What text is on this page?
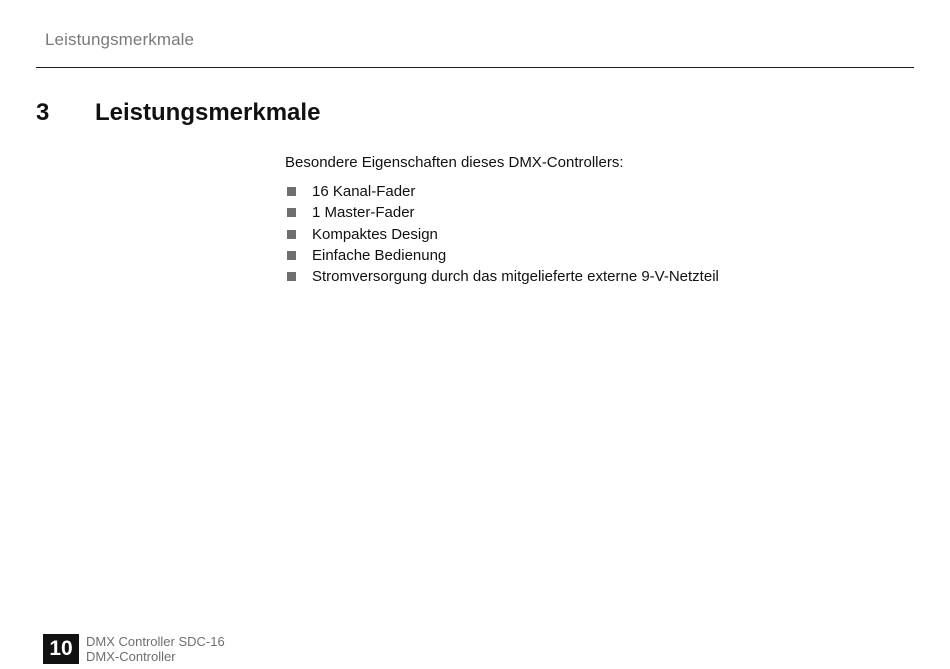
Leistungsmerkmale
3 Leistungsmerkmale
Besondere Eigenschaften dieses DMX-Controllers:
16 Kanal-Fader
1 Master-Fader
Kompaktes Design
Einfache Bedienung
Stromversorgung durch das mitgelieferte externe 9-V-Netzteil
10	DMX Controller SDC-16
DMX-Controller
